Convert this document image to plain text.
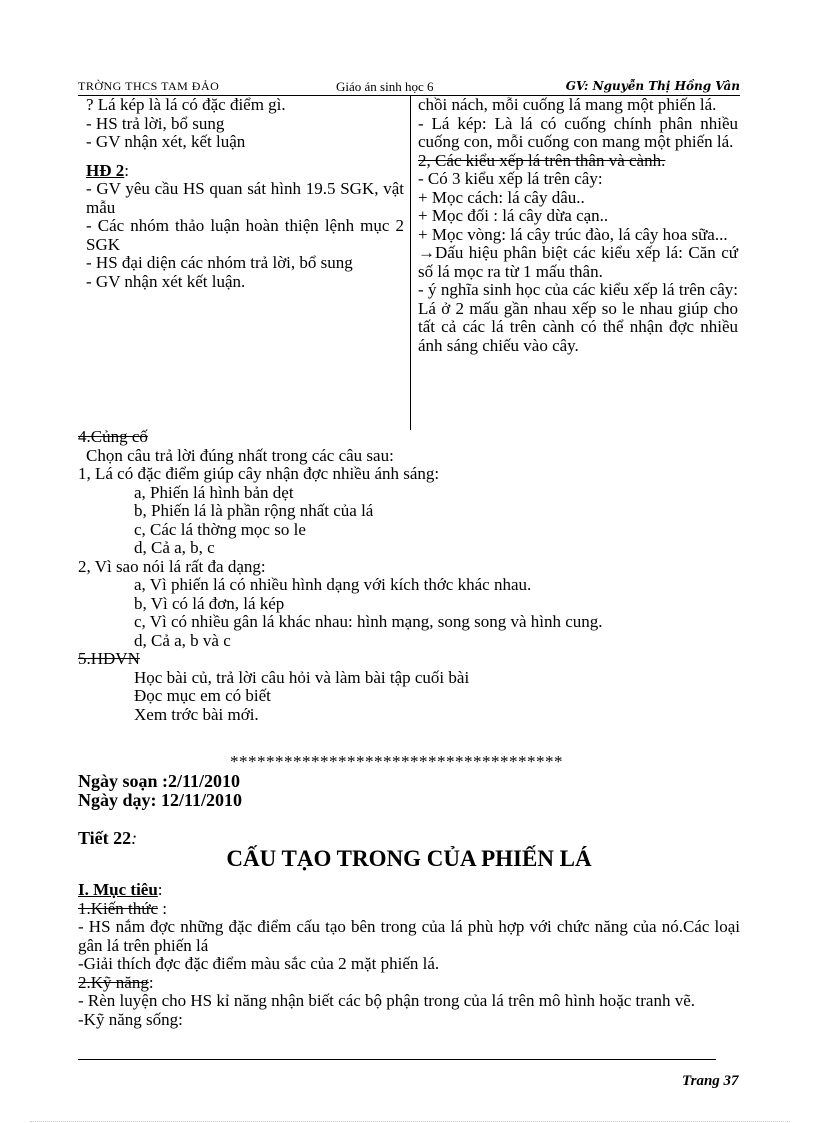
TRỜNG THCS TAM ĐẢO	Giáo án sinh học 6	GV: Nguyễn Thị Hồng Vân

? Lá kép là lá có đặc điểm gì.

- HS trả lời, bổ sung

- GV nhận xét, kết luận

HĐ 2:

- GV yêu cầu HS quan sát hình 19.5 SGK, vật mẫu

- Các nhóm thảo luận hoàn thiện lệnh mục 2 SGK

- HS đại diện các nhóm trả lời, bổ sung

- GV nhận xét kết luận.

chồi nách, mỗi cuống lá mang một phiến lá.

- Lá kép: Là lá có cuống chính phân nhiều cuống con, mỗi cuống con mang một phiến lá.

2, Các kiểu xếp lá trên thân và cành.

- Có 3 kiểu xếp lá trên cây:

+ Mọc cách: lá cây dâu..

+ Mọc đối : lá cây dừa cạn..

+ Mọc vòng: lá cây trúc đào, lá cây hoa sữa...

→Dấu hiệu phân biệt các kiểu xếp lá: Căn cứ số lá mọc ra từ 1 mấu thân.

- ý nghĩa sinh học của các kiểu xếp lá trên cây: Lá ở 2 mấu gần nhau xếp so le nhau giúp cho tất cả các lá trên cành có thể nhận đợc nhiều ánh sáng chiếu vào cây.

4.Củng cố

Chọn câu trả lời đúng nhất trong các câu sau:

1, Lá có đặc điểm giúp cây nhận đợc nhiều ánh sáng:

a, Phiến lá hình bản dẹt

b, Phiến lá là phần rộng nhất của lá

c, Các lá thờng mọc so le

d, Cả a, b, c

2, Vì sao nói lá rất đa dạng:

a, Vì phiến lá có nhiều hình dạng với kích thớc khác nhau.

b, Vì có lá đơn, lá kép

c, Vì có nhiều gân lá khác nhau: hình mạng, song song và hình cung.

d, Cả a, b và c

5.HDVN

Học bài củ, trả lời câu hỏi và làm bài tập cuối bài

Đọc mục em có biết

Xem trớc bài mới.

*************************************

Ngày soạn :2/11/2010

Ngày dạy: 12/11/2010

Tiết 22:
CẤU TẠO TRONG CỦA PHIẾN LÁ

I. Mục tiêu:

1.Kiến thức :

- HS nắm đợc những đặc điểm cấu tạo bên trong của lá phù hợp với chức năng của nó.Các loại gân lá trên phiến lá

-Giải thích đợc đặc điểm màu sắc của 2 mặt phiến lá.

2.Kỹ năng:

- Rèn luyện cho HS kỉ năng nhận biết các bộ phận trong của lá trên mô hình hoặc tranh vẽ.

-Kỹ năng sống:

Trang 37
